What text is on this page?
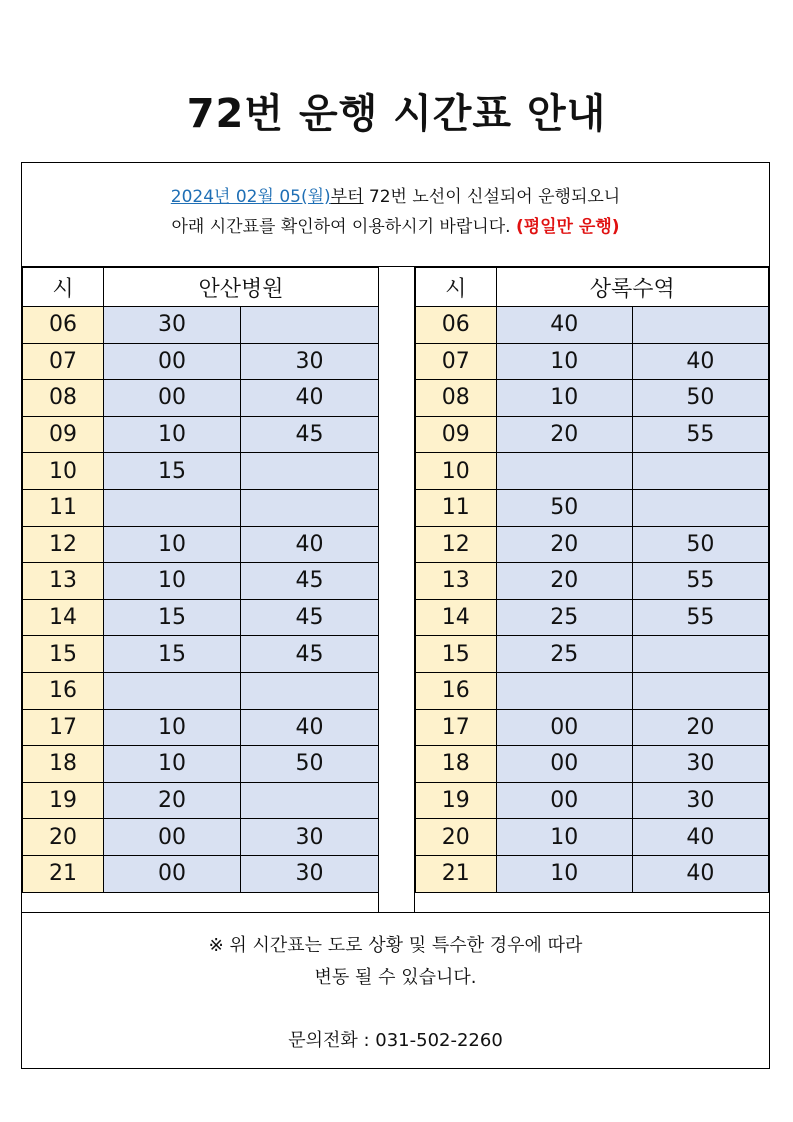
72번 운행 시간표 안내
2024년 02월 05(월)부터 72번 노선이 신설되어 운행되오니
아래 시간표를 확인하여 이용하시기 바랍니다. (평일만 운행)
시	안산병원	
06	30	
07	00	30
08	00	40
09	10	45
10	15	
11		
12	10	40
13	10	45
14	15	45
15	15	45
16		
17	10	40
18	10	50
19	20	
20	00	30
21	00	30
시	상록수역	
06	40	
07	10	40
08	10	50
09	20	55
10		
11	50	
12	20	50
13	20	55
14	25	55
15	25	
16		
17	00	20
18	00	30
19	00	30
20	10	40
21	10	40
※ 위 시간표는 도로 상황 및 특수한 경우에 따라
변동 될 수 있습니다.
문의전화 : 031-502-2260
